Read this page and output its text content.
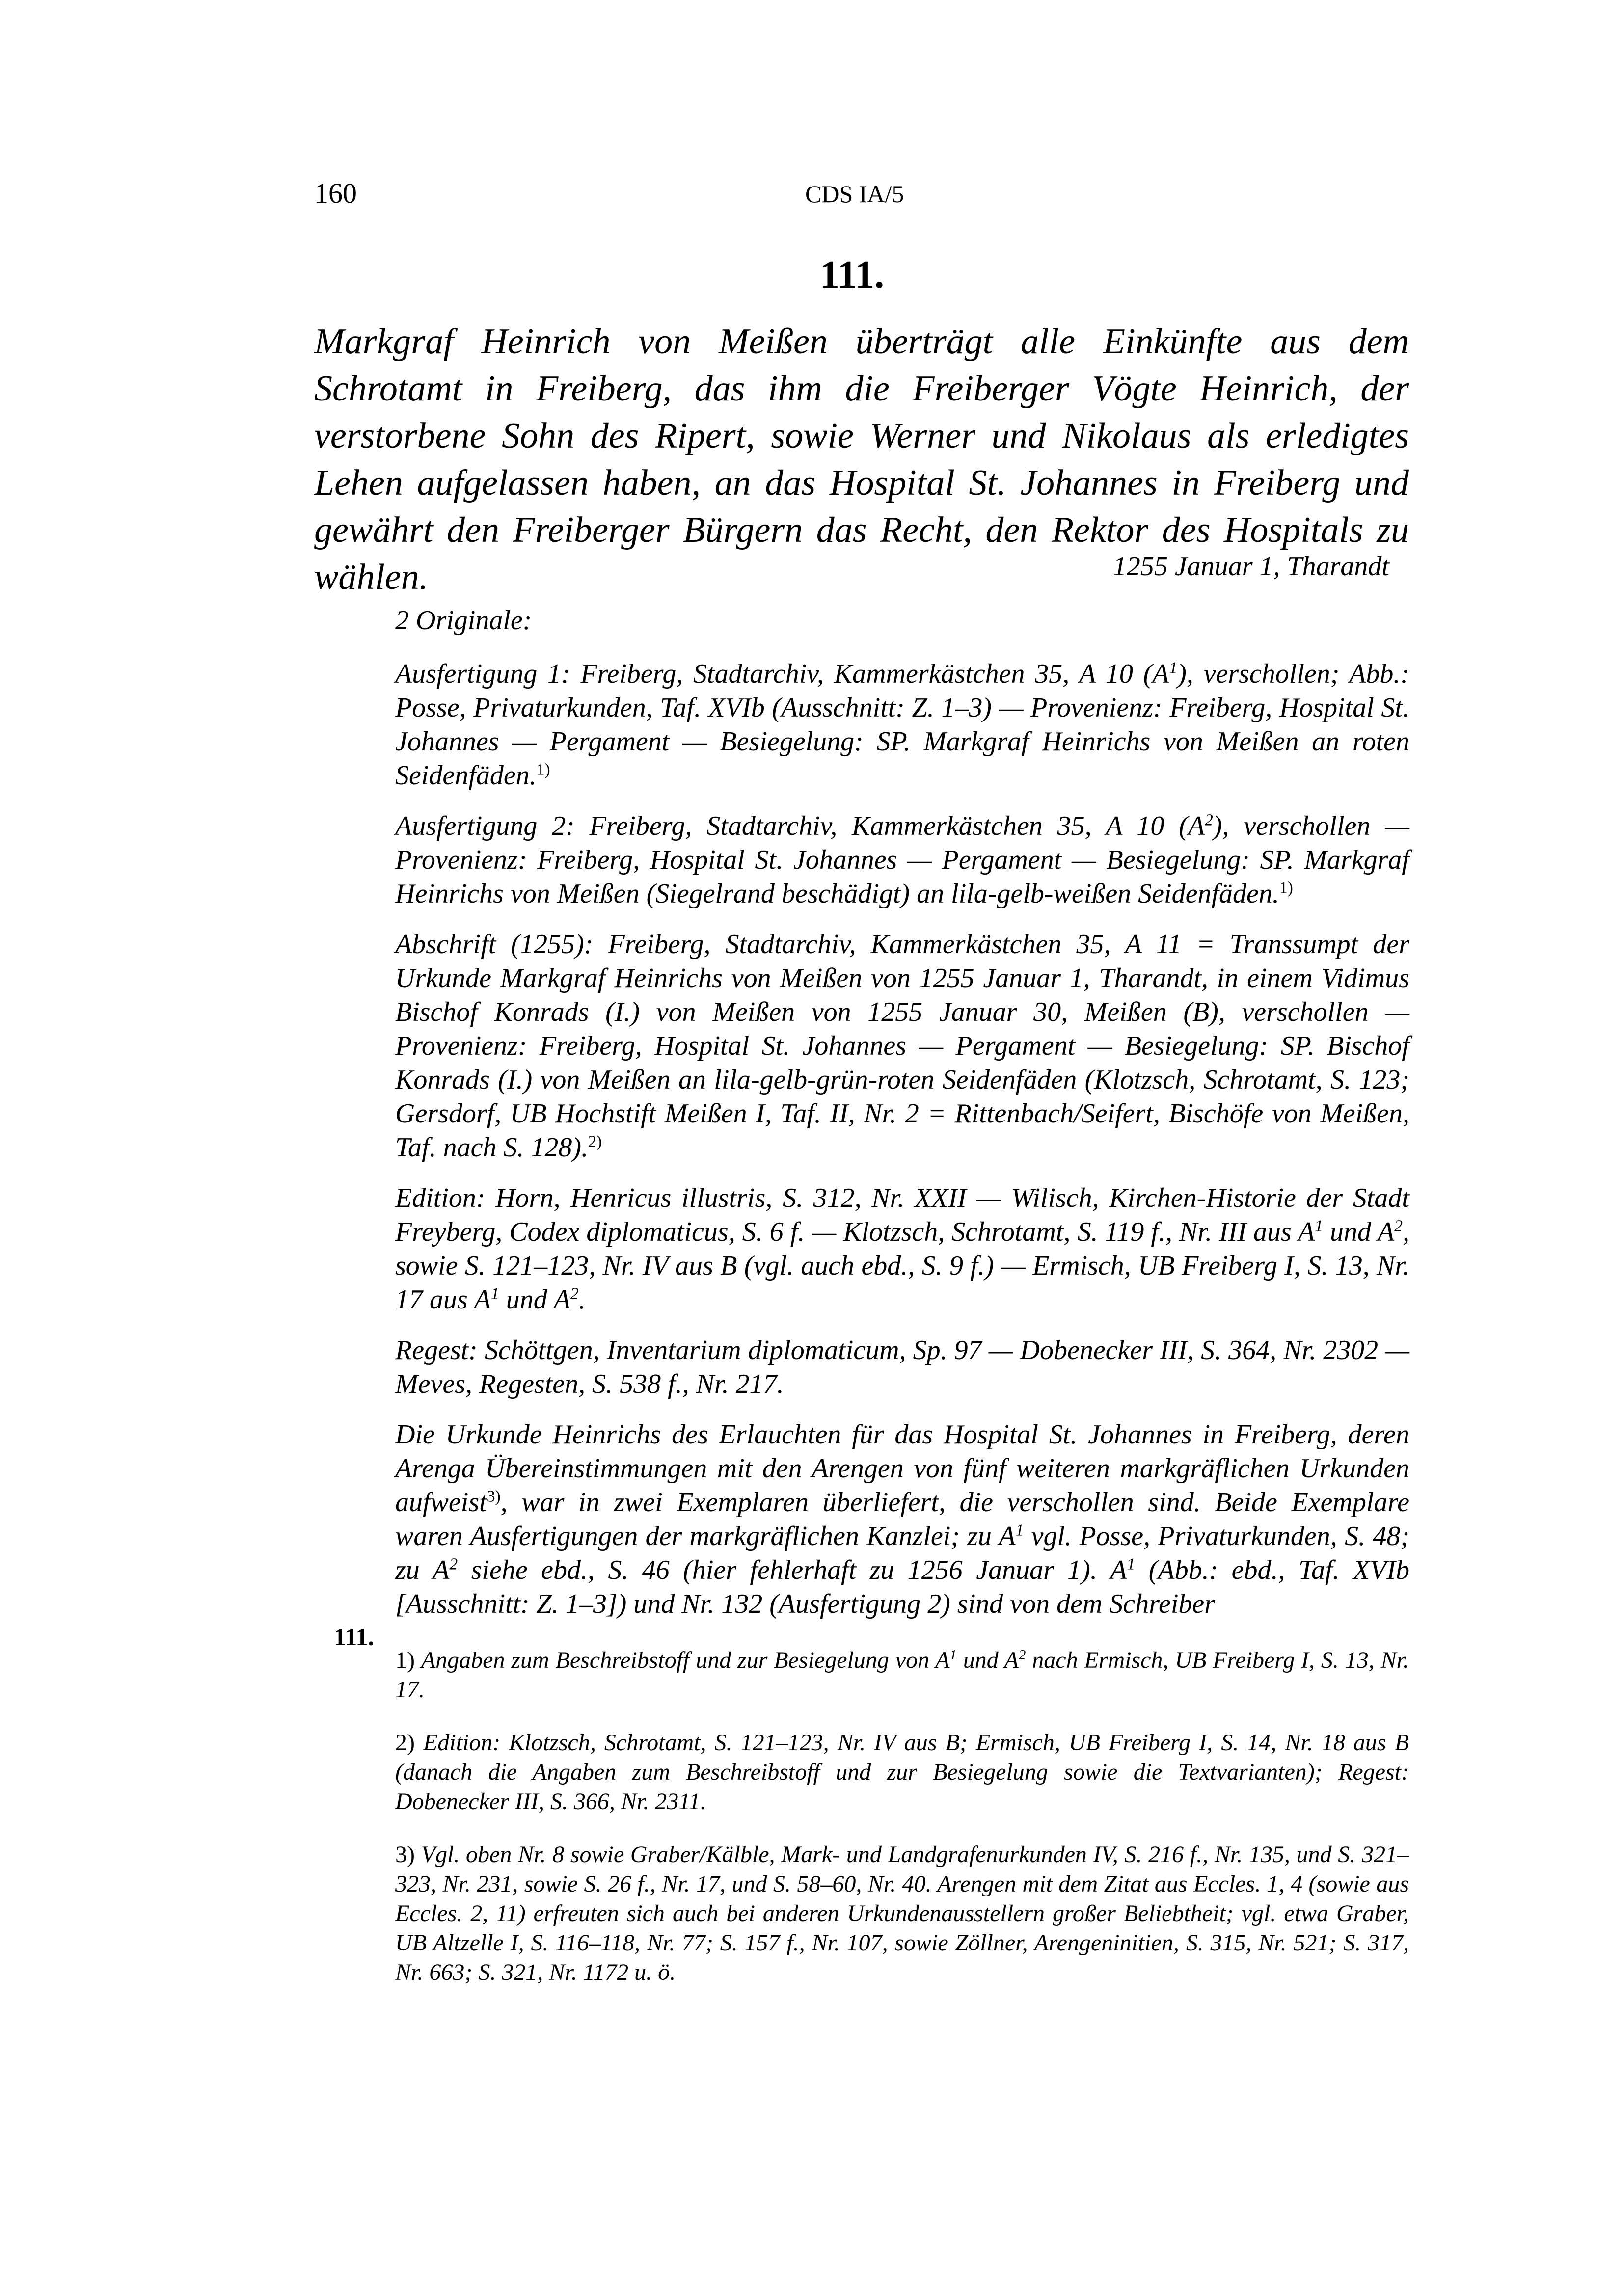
160	CDS IA/5
111.
Markgraf Heinrich von Meißen überträgt alle Einkünfte aus dem Schrotamt in Freiberg, das ihm die Freiberger Vögte Heinrich, der verstorbene Sohn des Ripert, sowie Werner und Nikolaus als erledigtes Lehen aufgelassen haben, an das Hospital St. Johannes in Freiberg und gewährt den Freiberger Bürgern das Recht, den Rektor des Hospitals zu wählen.	1255 Januar 1, Tharandt

2 Originale:

Ausfertigung 1: Freiberg, Stadtarchiv, Kammerkästchen 35, A 10 $(A^1)$, verschollen; Abb.: Posse, Privaturkunden, Taf. XVIb (Ausschnitt: Z. 1–3) — Provenienz: Freiberg, Hospital St. Johannes — Pergament — Besiegelung: SP. Markgraf Heinrichs von Meißen an roten Seidenfäden.$^{1)}$

Ausfertigung 2: Freiberg, Stadtarchiv, Kammerkästchen 35, A 10 $(A^2)$, verschollen — Provenienz: Freiberg, Hospital St. Johannes — Pergament — Besiegelung: SP. Markgraf Heinrichs von Meißen (Siegelrand beschädigt) an lila-gelb-weißen Seidenfäden.$^{1)}$

Abschrift (1255): Freiberg, Stadtarchiv, Kammerkästchen 35, A 11 = Transsumpt der Urkunde Markgraf Heinrichs von Meißen von 1255 Januar 1, Tharandt, in einem Vidimus Bischof Konrads (I.) von Meißen von 1255 Januar 30, Meißen (B), verschollen — Provenienz: Freiberg, Hospital St. Johannes — Pergament — Besiegelung: SP. Bischof Konrads (I.) von Meißen an lila-gelb-grün-roten Seidenfäden (Klotzsch, Schrotamt, S. 123; Gersdorf, UB Hochstift Meißen I, Taf. II, Nr. 2 = Rittenbach/Seifert, Bischöfe von Meißen, Taf. nach S. 128).$^{2)}$

Edition: Horn, Henricus illustris, S. 312, Nr. XXII — Wilisch, Kirchen-Historie der Stadt Freyberg, Codex diplomaticus, S. 6 f. — Klotzsch, Schrotamt, S. 119 f., Nr. III aus $A^1$ und $A^2$, sowie S. 121–123, Nr. IV aus B (vgl. auch ebd., S. 9 f.) — Ermisch, UB Freiberg I, S. 13, Nr. 17 aus $A^1$ und $A^2$.

Regest: Schöttgen, Inventarium diplomaticum, Sp. 97 — Dobenecker III, S. 364, Nr. 2302 — Meves, Regesten, S. 538 f., Nr. 217.

Die Urkunde Heinrichs des Erlauchten für das Hospital St. Johannes in Freiberg, deren Arenga Übereinstimmungen mit den Arengen von fünf weiteren markgräflichen Urkunden aufweist$^{3)}$, war in zwei Exemplaren überliefert, die verschollen sind. Beide Exemplare waren Ausfertigungen der markgräflichen Kanzlei; zu $A^1$ vgl. Posse, Privaturkunden, S. 48; zu $A^2$ siehe ebd., S. 46 (hier fehlerhaft zu 1256 Januar 1). $A^1$ (Abb.: ebd., Taf. XVIb [Ausschnitt: Z. 1–3]) und Nr. 132 (Ausfertigung 2) sind von dem Schreiber

111.

1) Angaben zum Beschreibstoff und zur Besiegelung von $A^1$ und $A^2$ nach Ermisch, UB Freiberg I, S. 13, Nr. 17.

2) Edition: Klotzsch, Schrotamt, S. 121–123, Nr. IV aus B; Ermisch, UB Freiberg I, S. 14, Nr. 18 aus B (danach die Angaben zum Beschreibstoff und zur Besiegelung sowie die Textvarianten); Regest: Dobenecker III, S. 366, Nr. 2311.

3) Vgl. oben Nr. 8 sowie Graber/Kälble, Mark- und Landgrafenurkunden IV, S. 216 f., Nr. 135, und S. 321–323, Nr. 231, sowie S. 26 f., Nr. 17, und S. 58–60, Nr. 40. Arengen mit dem Zitat aus Eccles. 1, 4 (sowie aus Eccles. 2, 11) erfreuten sich auch bei anderen Urkundenausstellern großer Beliebtheit; vgl. etwa Graber, UB Altzelle I, S. 116–118, Nr. 77; S. 157 f., Nr. 107, sowie Zöllner, Arengeninitien, S. 315, Nr. 521; S. 317, Nr. 663; S. 321, Nr. 1172 u. ö.
